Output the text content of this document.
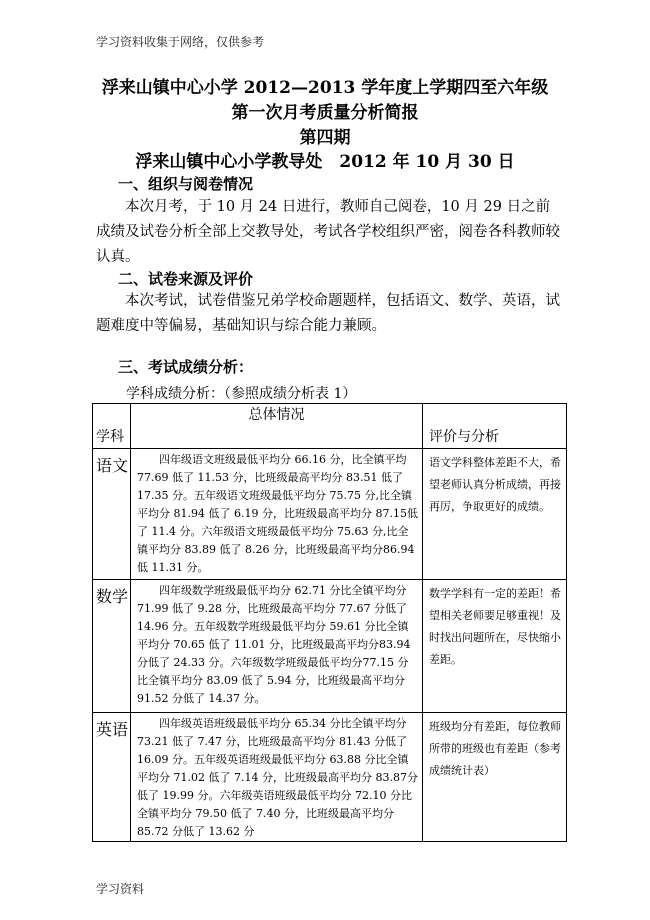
学习资料收集于网络，仅供参考
浮来山镇中心小学 2012—2013 学年度上学期四至六年级
第一次月考质量分析简报
第四期
浮来山镇中心小学教导处　2012 年 10 月 30 日
一、组织与阅卷情况
本次月考，于 10 月 24 日进行，教师自己阅卷，10 月 29 日之前成绩及试卷分析全部上交教导处，考试各学校组织严密，阅卷各科教师较认真。
二、试卷来源及评价
本次考试，试卷借鉴兄弟学校命题题样，包括语文、数学、英语，试题难度中等偏易，基础知识与综合能力兼顾。
三、考试成绩分析：
学科成绩分析：（参照成绩分析表 1）
学科	总体情况	评价与分析

语文	四年级语文班级最低平均分 66.16 分，比全镇平均77.69 低了 11.53 分，比班级最高平均分 83.51 低了17.35 分。五年级语文班级最低平均分 75.75 分,比全镇平均分 81.94 低了 6.19 分，比班级最高平均分 87.15低了 11.4 分。六年级语文班级最低平均分 75.63 分,比全镇平均分 83.89 低了 8.26 分，比班级最高平均分86.94 低 11.31 分。	语文学科整体差距不大，希望老师认真分析成绩，再接再厉，争取更好的成绩。

数学	四年级数学班级最低平均分 62.71 分比全镇平均分 71.99 低了 9.28 分，比班级最高平均分 77.67 分低了 14.96 分。五年级数学班级最低平均分 59.61 分比全镇平均分 70.65 低了 11.01 分，比班级最高平均分83.94 分低了 24.33 分。六年级数学班级最低平均分77.15 分比全镇平均分 83.09 低了 5.94 分，比班级最高平均分 91.52 分低了 14.37 分。	数学学科有一定的差距！希望相关老师要足够重视！及时找出问题所在，尽快缩小差距。

英语	四年级英语班级最低平均分 65.34 分比全镇平均分 73.21 低了 7.47 分，比班级最高平均分 81.43 分低了 16.09 分。五年级英语班级最低平均分 63.88 分比全镇平均分 71.02 低了 7.14 分，比班级最高平均分 83.87分低了 19.99 分。六年级英语班级最低平均分 72.10 分比全镇平均分 79.50 低了 7.40 分，比班级最高平均分85.72 分低了 13.62 分	班级均分有差距，每位教师所带的班级也有差距（参考成绩统计表）
学习资料
